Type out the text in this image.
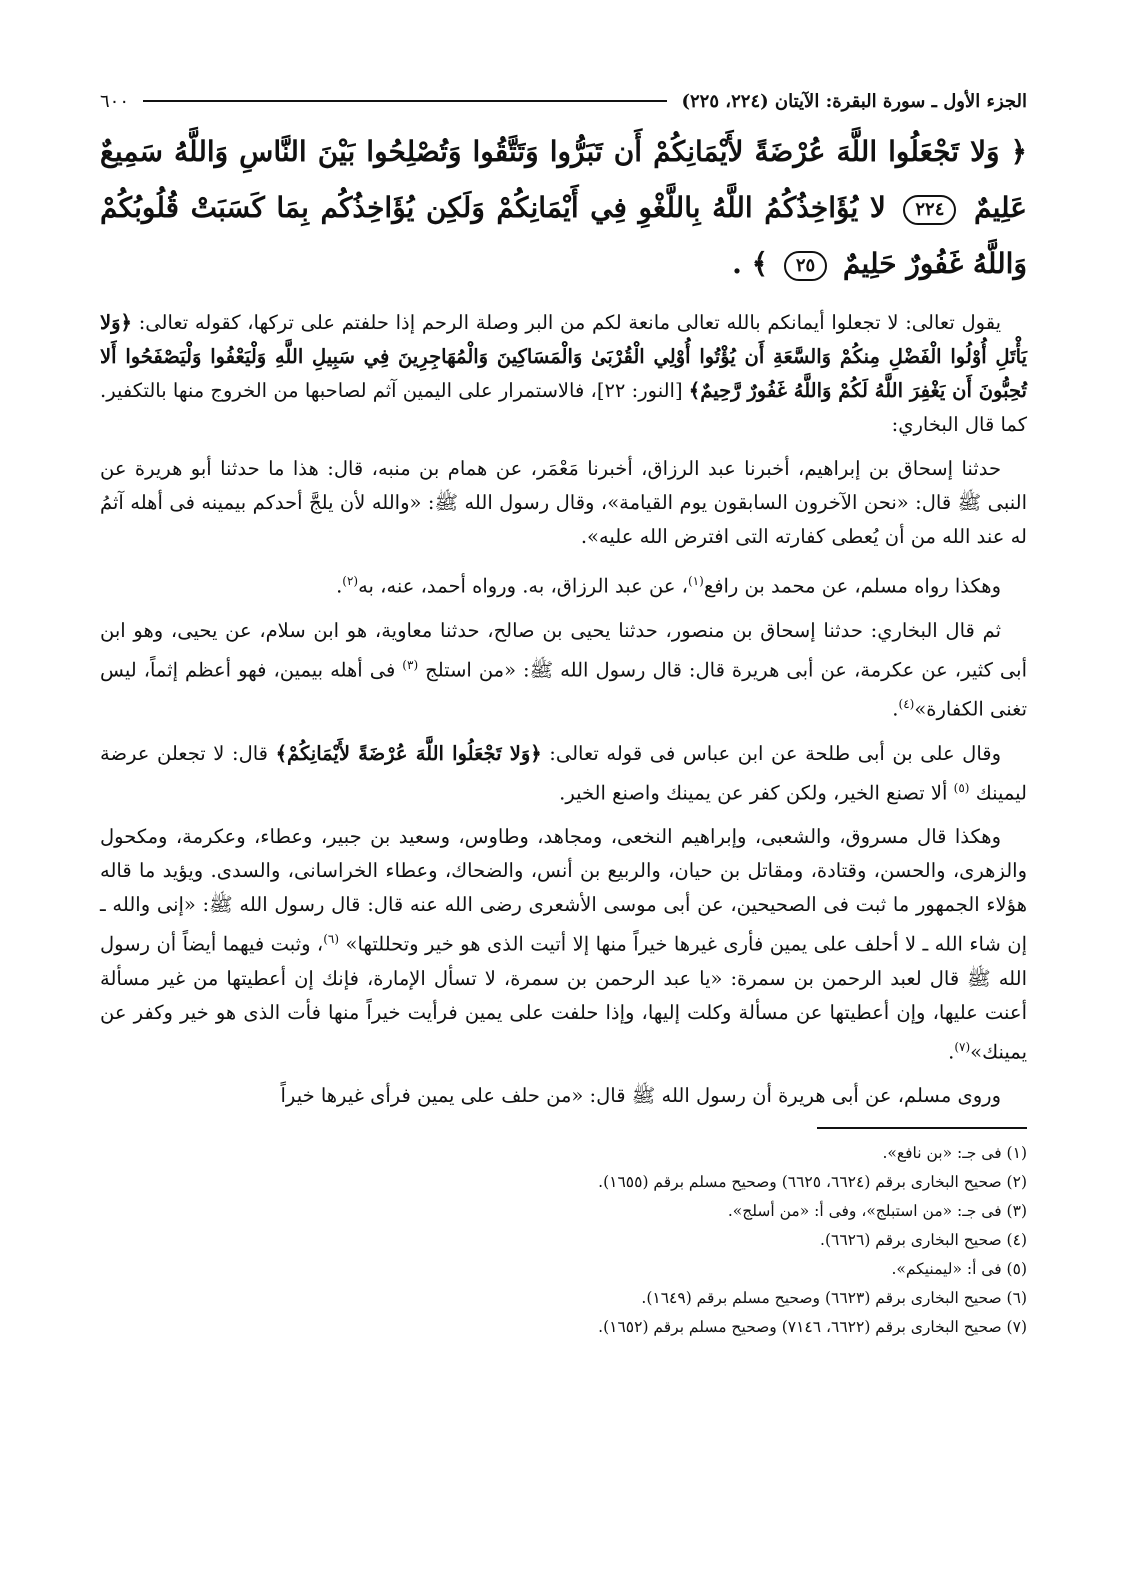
الجزء الأول ـ سورة البقرة: الآيتان (٢٢٤، ٢٢٥)
٦٠٠
﴿ وَلا تَجْعَلُوا اللَّهَ عُرْضَةً لأَيْمَانِكُمْ أَن تَبَرُّوا وَتَتَّقُوا وَتُصْلِحُوا بَيْنَ النَّاسِ وَاللَّهُ سَمِيعٌ عَلِيمٌ ٢٢٤ لا يُؤَاخِذُكُمُ اللَّهُ بِاللَّغْوِ فِي أَيْمَانِكُمْ وَلَكِن يُؤَاخِذُكُم بِمَا كَسَبَتْ قُلُوبُكُمْ وَاللَّهُ غَفُورٌ حَلِيمٌ ٢٥ ﴾ .

يقول تعالى: لا تجعلوا أيمانكم بالله تعالى مانعة لكم من البر وصلة الرحم إذا حلفتم على تركها، كقوله تعالى: ﴿وَلا يَأْتَلِ أُوْلُوا الْفَضْلِ مِنكُمْ وَالسَّعَةِ أَن يُؤْتُوا أُوْلِي الْقُرْبَىٰ وَالْمَسَاكِينَ وَالْمُهَاجِرِينَ فِي سَبِيلِ اللَّهِ وَلْيَعْفُوا وَلْيَصْفَحُوا أَلا تُحِبُّونَ أَن يَغْفِرَ اللَّهُ لَكُمْ وَاللَّهُ غَفُورٌ رَّحِيمٌ﴾ [النور: ٢٢]، فالاستمرار على اليمين آثم لصاحبها من الخروج منها بالتكفير. كما قال البخاري:

حدثنا إسحاق بن إبراهيم، أخبرنا عبد الرزاق، أخبرنا مَعْمَر، عن همام بن منبه، قال: هذا ما حدثنا أبو هريرة عن النبى ﷺ قال: «نحن الآخرون السابقون يوم القيامة»، وقال رسول الله ﷺ: «والله لأن يلجَّ أحدكم بيمينه فى أهله آثمُ له عند الله من أن يُعطى كفارته التى افترض الله عليه».

وهكذا رواه مسلم، عن محمد بن رافع$^{(١)}$، عن عبد الرزاق، به. ورواه أحمد، عنه، به$^{(٢)}$.

ثم قال البخاري: حدثنا إسحاق بن منصور، حدثنا يحيى بن صالح، حدثنا معاوية، هو ابن سلام، عن يحيى، وهو ابن أبى كثير، عن عكرمة، عن أبى هريرة قال: قال رسول الله ﷺ: «من استلج $^{(٣)}$ فى أهله بيمين، فهو أعظم إثماً، ليس تغنى الكفارة»$^{(٤)}$.

وقال على بن أبى طلحة عن ابن عباس فى قوله تعالى: ﴿وَلا تَجْعَلُوا اللَّهَ عُرْضَةً لأَيْمَانِكُمْ﴾ قال: لا تجعلن عرضة ليمينك $^{(٥)}$ ألا تصنع الخير، ولكن كفر عن يمينك واصنع الخير.

وهكذا قال مسروق، والشعبى، وإبراهيم النخعى، ومجاهد، وطاوس، وسعيد بن جبير، وعطاء، وعكرمة، ومكحول والزهرى، والحسن، وقتادة، ومقاتل بن حيان، والربيع بن أنس، والضحاك، وعطاء الخراسانى، والسدى. ويؤيد ما قاله هؤلاء الجمهور ما ثبت فى الصحيحين، عن أبى موسى الأشعرى رضى الله عنه قال: قال رسول الله ﷺ: «إنى والله ـ إن شاء الله ـ لا أحلف على يمين فأرى غيرها خيراً منها إلا أتيت الذى هو خير وتحللتها» $^{(٦)}$، وثبت فيهما أيضاً أن رسول الله ﷺ قال لعبد الرحمن بن سمرة: «يا عبد الرحمن بن سمرة، لا تسأل الإمارة، فإنك إن أعطيتها من غير مسألة أعنت عليها، وإن أعطيتها عن مسألة وكلت إليها، وإذا حلفت على يمين فرأيت خيراً منها فأت الذى هو خير وكفر عن يمينك»$^{(٧)}$.

وروى مسلم، عن أبى هريرة أن رسول الله ﷺ قال: «من حلف على يمين فرأى غيرها خيراً

(١) فى جـ: «بن نافع».

(٢) صحيح البخارى برقم (٦٦٢٤، ٦٦٢٥) وصحيح مسلم برقم (١٦٥٥).

(٣) فى جـ: «من استبلج»، وفى أ: «من أسلج».

(٤) صحيح البخارى برقم (٦٦٢٦).

(٥) فى أ: «ليمنيكم».

(٦) صحيح البخارى برقم (٦٦٢٣) وصحيح مسلم برقم (١٦٤٩).

(٧) صحيح البخارى برقم (٦٦٢٢، ٧١٤٦) وصحيح مسلم برقم (١٦٥٢).
